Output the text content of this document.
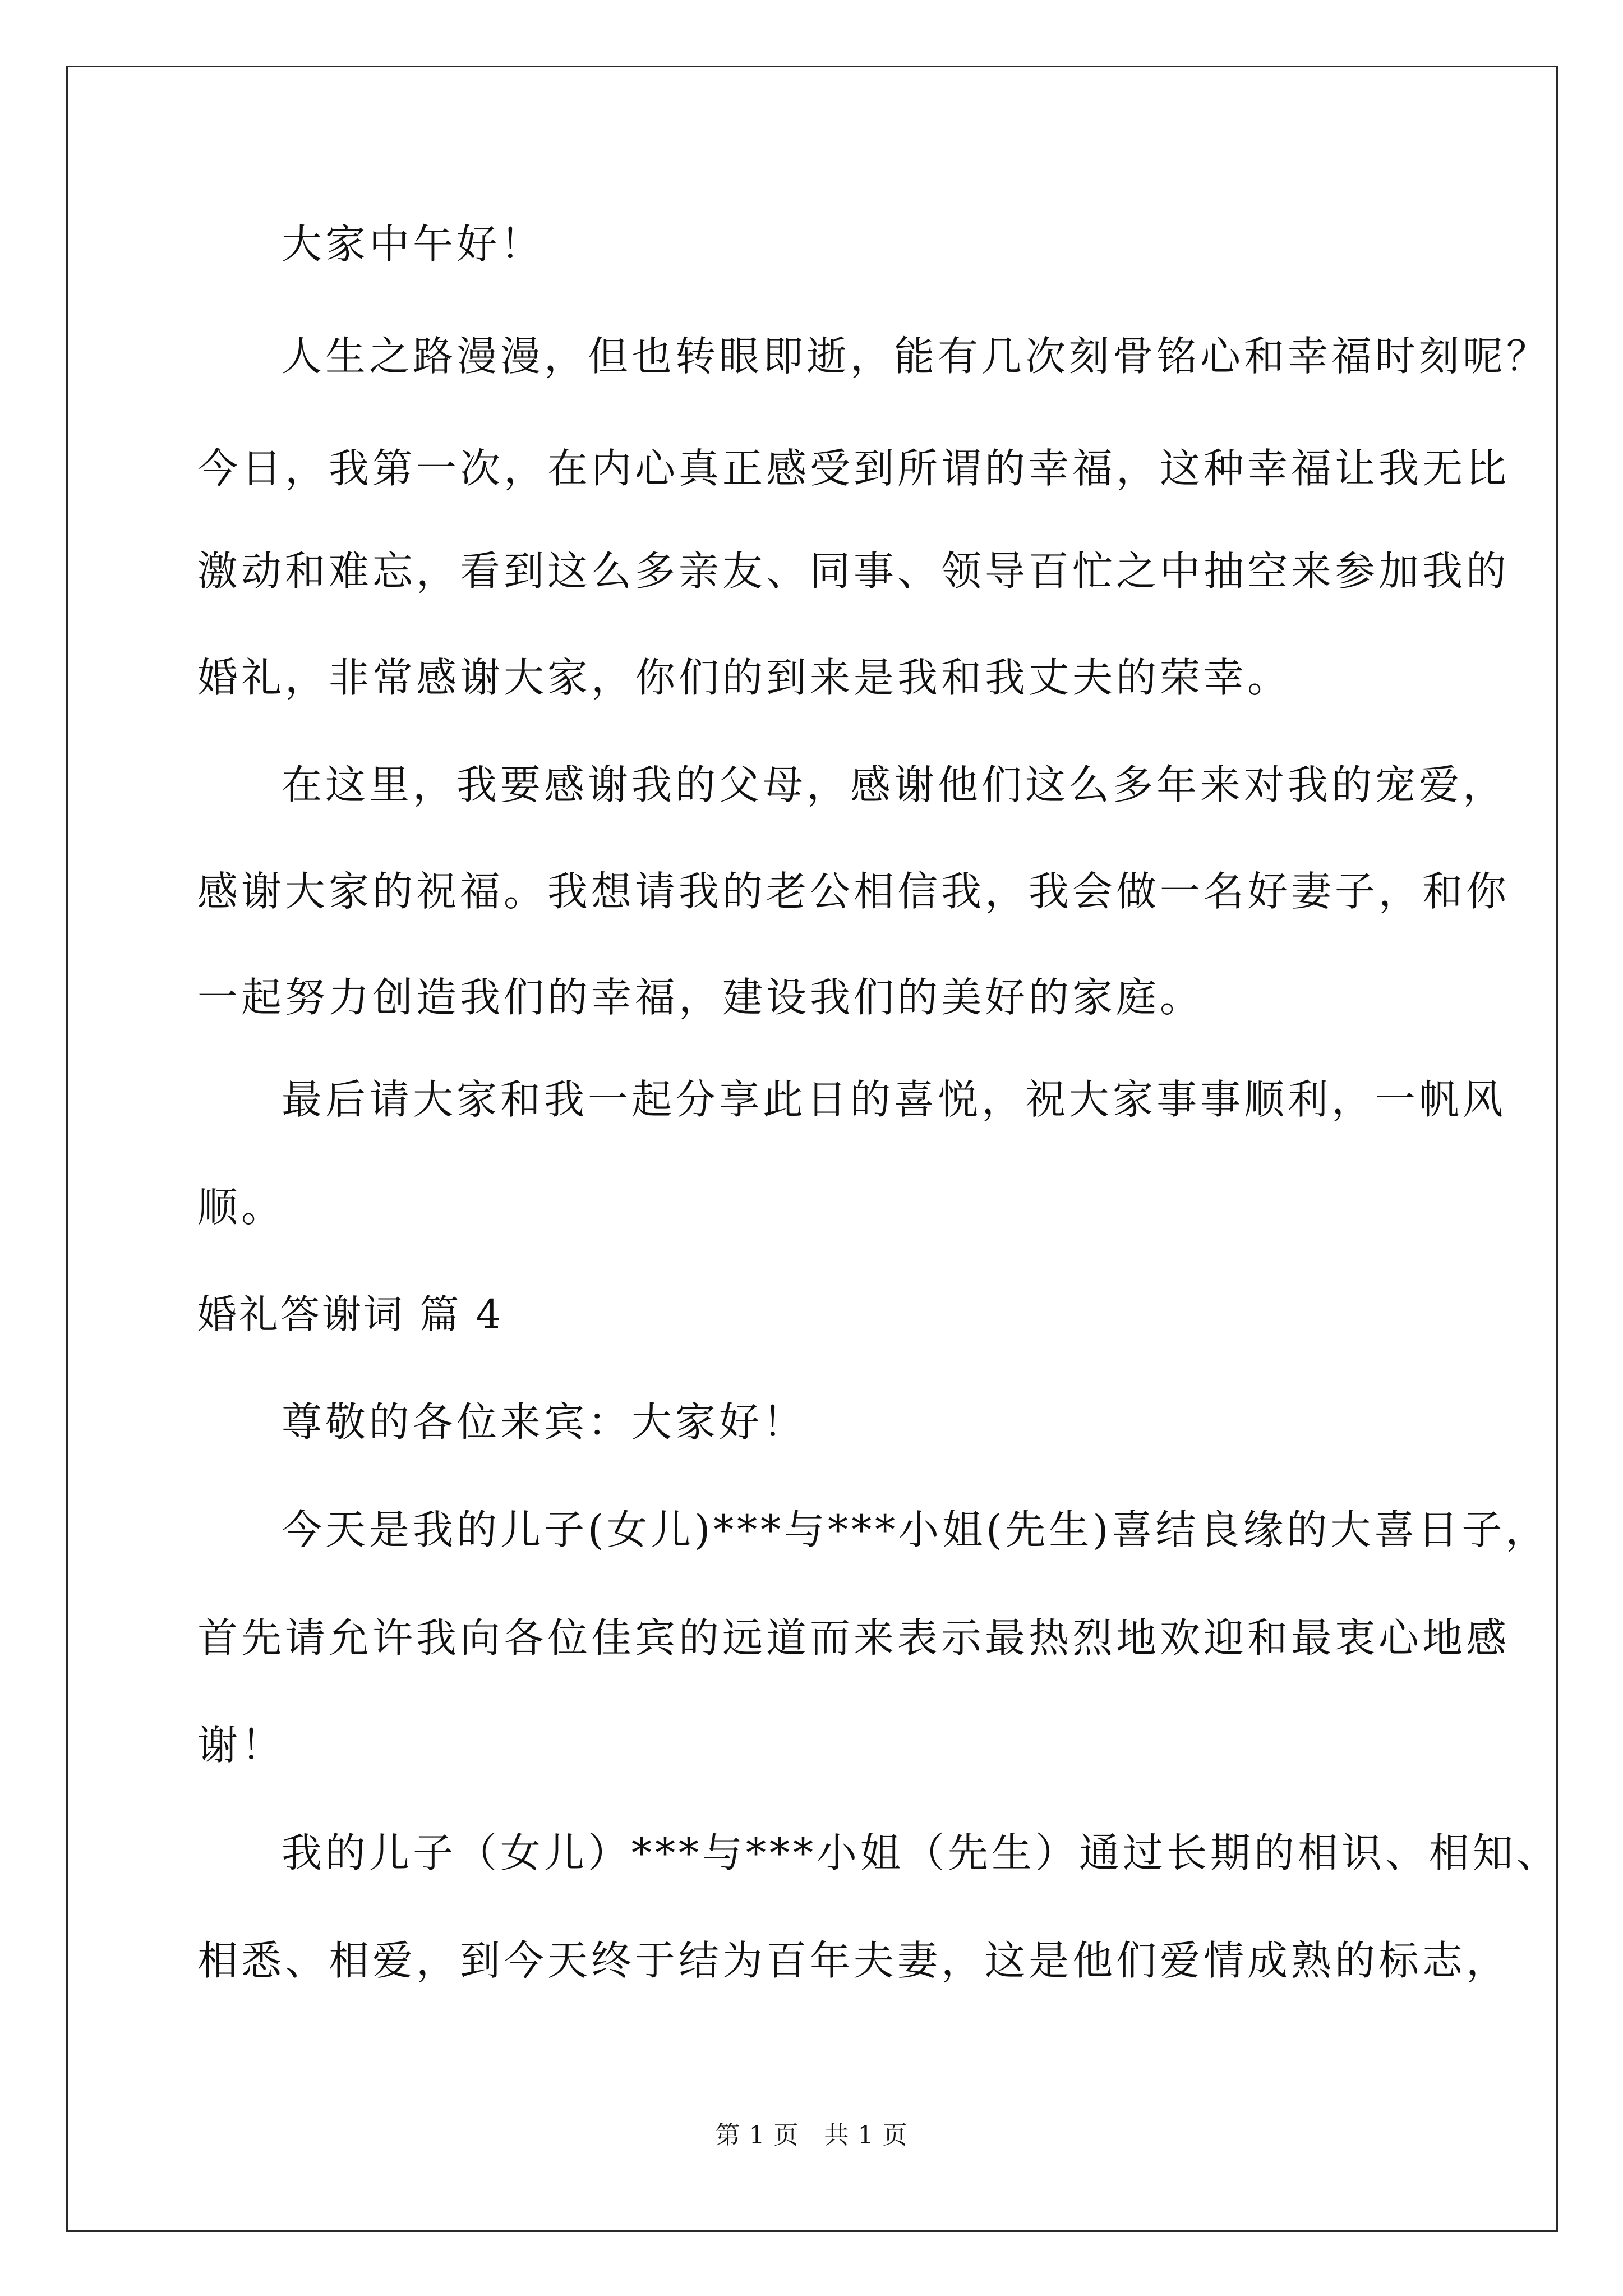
大家中午好！
人生之路漫漫，但也转眼即逝，能有几次刻骨铭心和幸福时刻呢？
今日，我第一次，在内心真正感受到所谓的幸福，这种幸福让我无比
激动和难忘，看到这么多亲友、同事、领导百忙之中抽空来参加我的
婚礼，非常感谢大家，你们的到来是我和我丈夫的荣幸。
在这里，我要感谢我的父母，感谢他们这么多年来对我的宠爱，
感谢大家的祝福。我想请我的老公相信我，我会做一名好妻子，和你
一起努力创造我们的幸福，建设我们的美好的家庭。
最后请大家和我一起分享此日的喜悦，祝大家事事顺利，一帆风
顺。
婚礼答谢词 篇 4
尊敬的各位来宾：大家好！
今天是我的儿子(女儿)***与***小姐(先生)喜结良缘的大喜日子，
首先请允许我向各位佳宾的远道而来表示最热烈地欢迎和最衷心地感
谢！
我的儿子（女儿）***与***小姐（先生）通过长期的相识、相知、
相悉、相爱，到今天终于结为百年夫妻，这是他们爱情成熟的标志，
第 1 页　共 1 页
